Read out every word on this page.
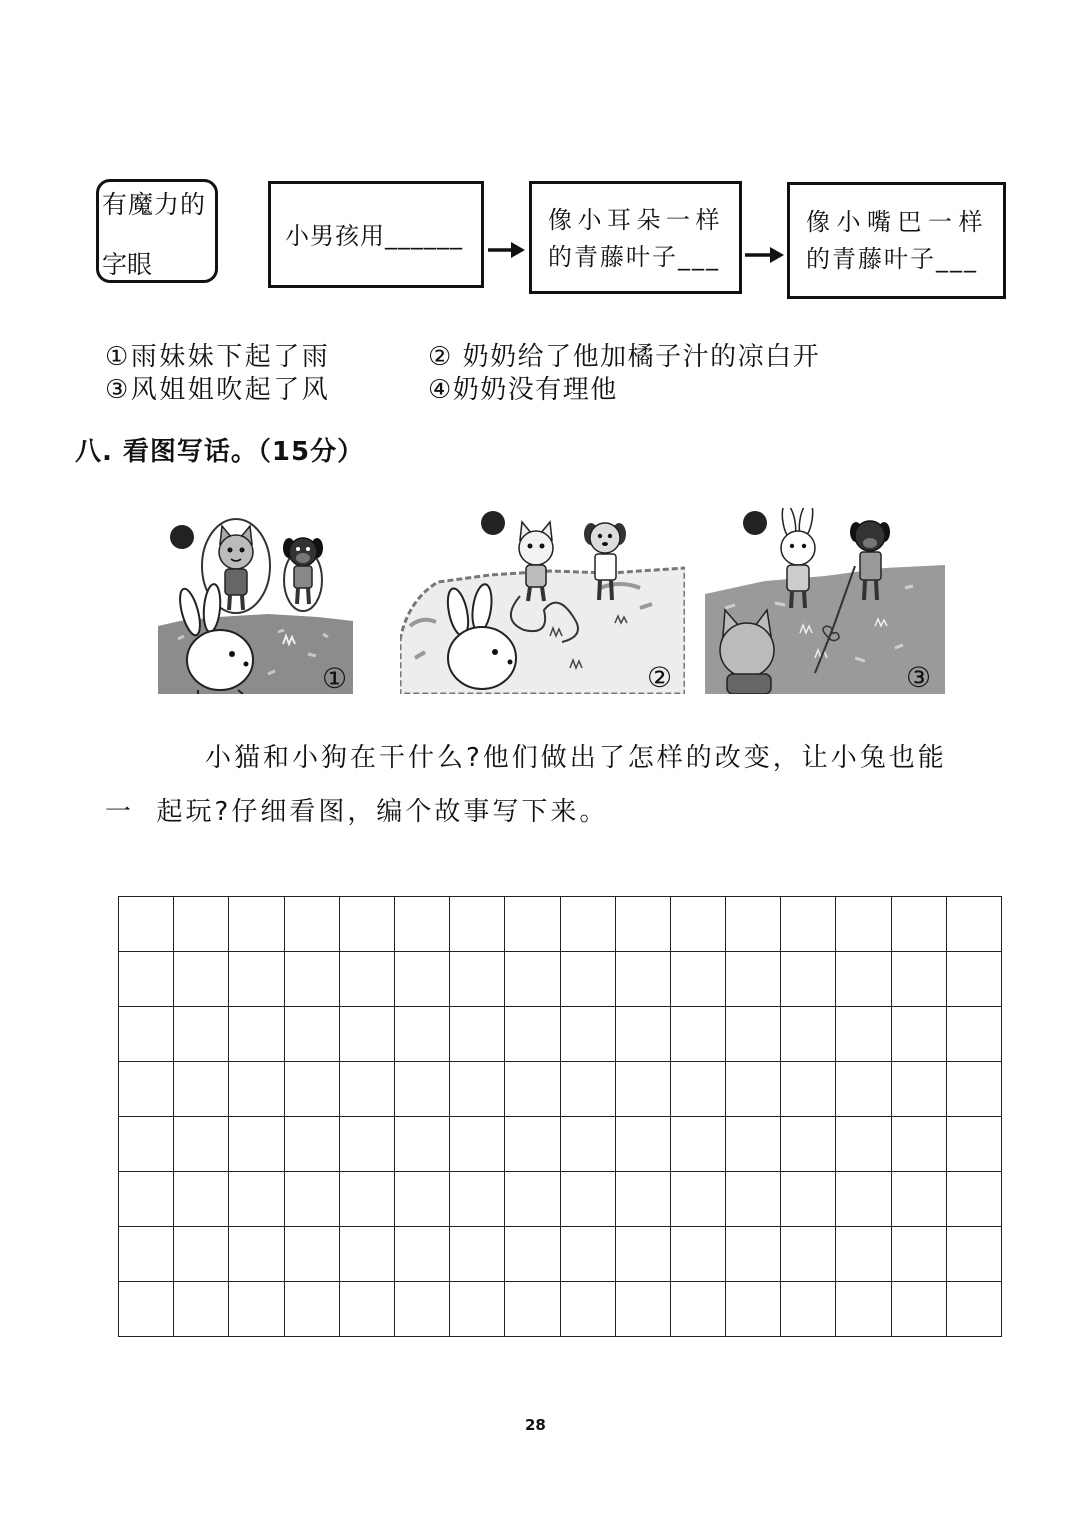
有魔力的
字眼
小男孩用______
像小耳朵一样
的青藤叶子___
像小嘴巴一样
的青藤叶子___
①雨妹妹下起了雨	② 奶奶给了他加橘子汁的凉白开
③风姐姐吹起了风	④奶奶没有理他
八. 看图写话。（15分）
①	②	③
小猫和小狗在干什么?他们做出了怎样的改变，让小兔也能
一  起玩?仔细看图，编个故事写下来。
28
